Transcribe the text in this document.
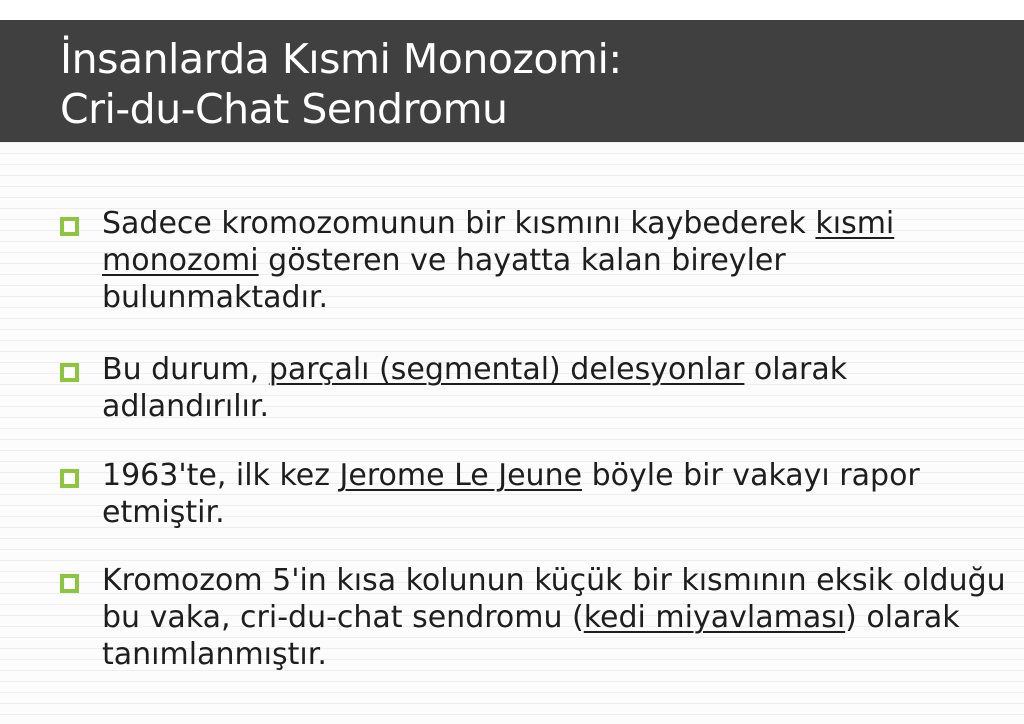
İnsanlarda Kısmi Monozomi:
Cri-du-Chat Sendromu
Sadece kromozomunun bir kısmını kaybederek kısmi
monozomi gösteren ve hayatta kalan bireyler
bulunmaktadır.
Bu durum, parçalı (segmental) delesyonlar olarak
adlandırılır.
1963'te, ilk kez Jerome Le Jeune böyle bir vakayı rapor
etmiştir.
Kromozom 5'in kısa kolunun küçük bir kısmının eksik olduğu
bu vaka, cri-du-chat sendromu (kedi miyavlaması) olarak
tanımlanmıştır.
